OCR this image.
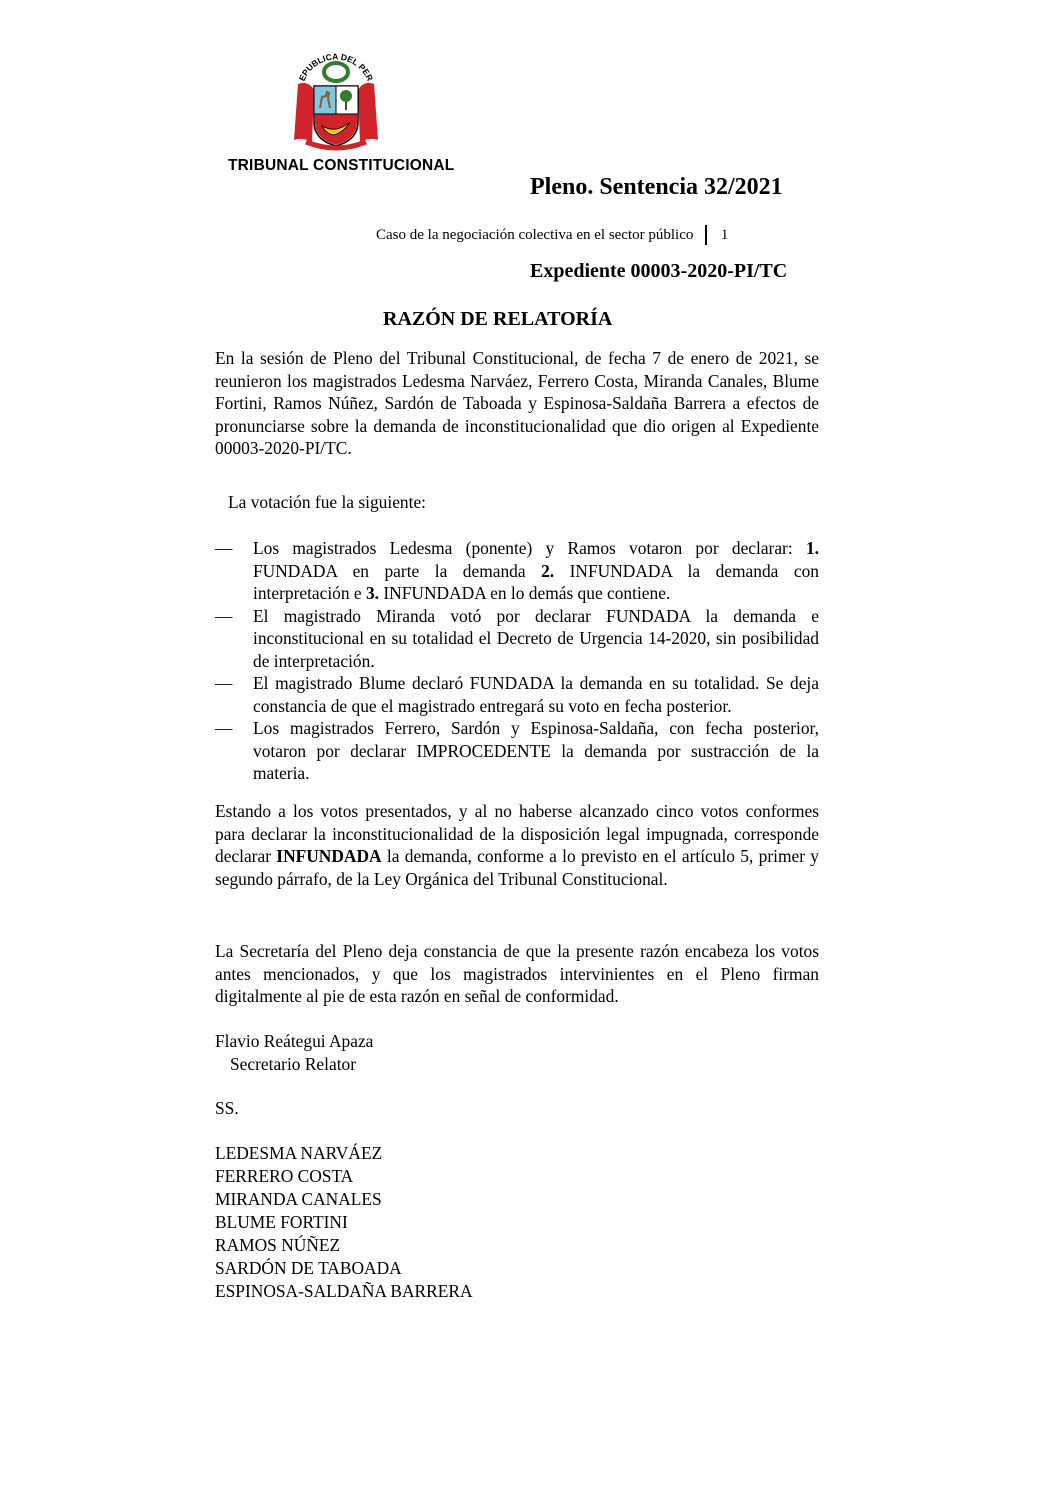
EPUBLICA DEL PER
TRIBUNAL CONSTITUCIONAL
Pleno. Sentencia 32/2021
Caso de la negociación colectiva en el sector público 1
Expediente 00003-2020-PI/TC
RAZÓN DE RELATORÍA
En la sesión de Pleno del Tribunal Constitucional, de fecha 7 de enero de 2021, se reunieron los magistrados Ledesma Narváez, Ferrero Costa, Miranda Canales, Blume Fortini, Ramos Núñez, Sardón de Taboada y Espinosa-Saldaña Barrera a efectos de pronunciarse sobre la demanda de inconstitucionalidad que dio origen al Expediente 00003-2020-PI/TC.
La votación fue la siguiente:
— Los magistrados Ledesma (ponente) y Ramos votaron por declarar: 1. FUNDADA en parte la demanda 2. INFUNDADA la demanda con interpretación e 3. INFUNDADA en lo demás que contiene.
— El magistrado Miranda votó por declarar FUNDADA la demanda e inconstitucional en su totalidad el Decreto de Urgencia 14-2020, sin posibilidad de interpretación.
— El magistrado Blume declaró FUNDADA la demanda en su totalidad. Se deja constancia de que el magistrado entregará su voto en fecha posterior.
— Los magistrados Ferrero, Sardón y Espinosa-Saldaña, con fecha posterior, votaron por declarar IMPROCEDENTE la demanda por sustracción de la materia.
Estando a los votos presentados, y al no haberse alcanzado cinco votos conformes para declarar la inconstitucionalidad de la disposición legal impugnada, corresponde declarar INFUNDADA la demanda, conforme a lo previsto en el artículo 5, primer y segundo párrafo, de la Ley Orgánica del Tribunal Constitucional.
La Secretaría del Pleno deja constancia de que la presente razón encabeza los votos antes mencionados, y que los magistrados intervinientes en el Pleno firman digitalmente al pie de esta razón en señal de conformidad.
Flavio Reátegui Apaza
Secretario Relator
SS.
LEDESMA NARVÁEZ
FERRERO COSTA
MIRANDA CANALES
BLUME FORTINI
RAMOS NÚÑEZ
SARDÓN DE TABOADA
ESPINOSA-SALDAÑA BARRERA
